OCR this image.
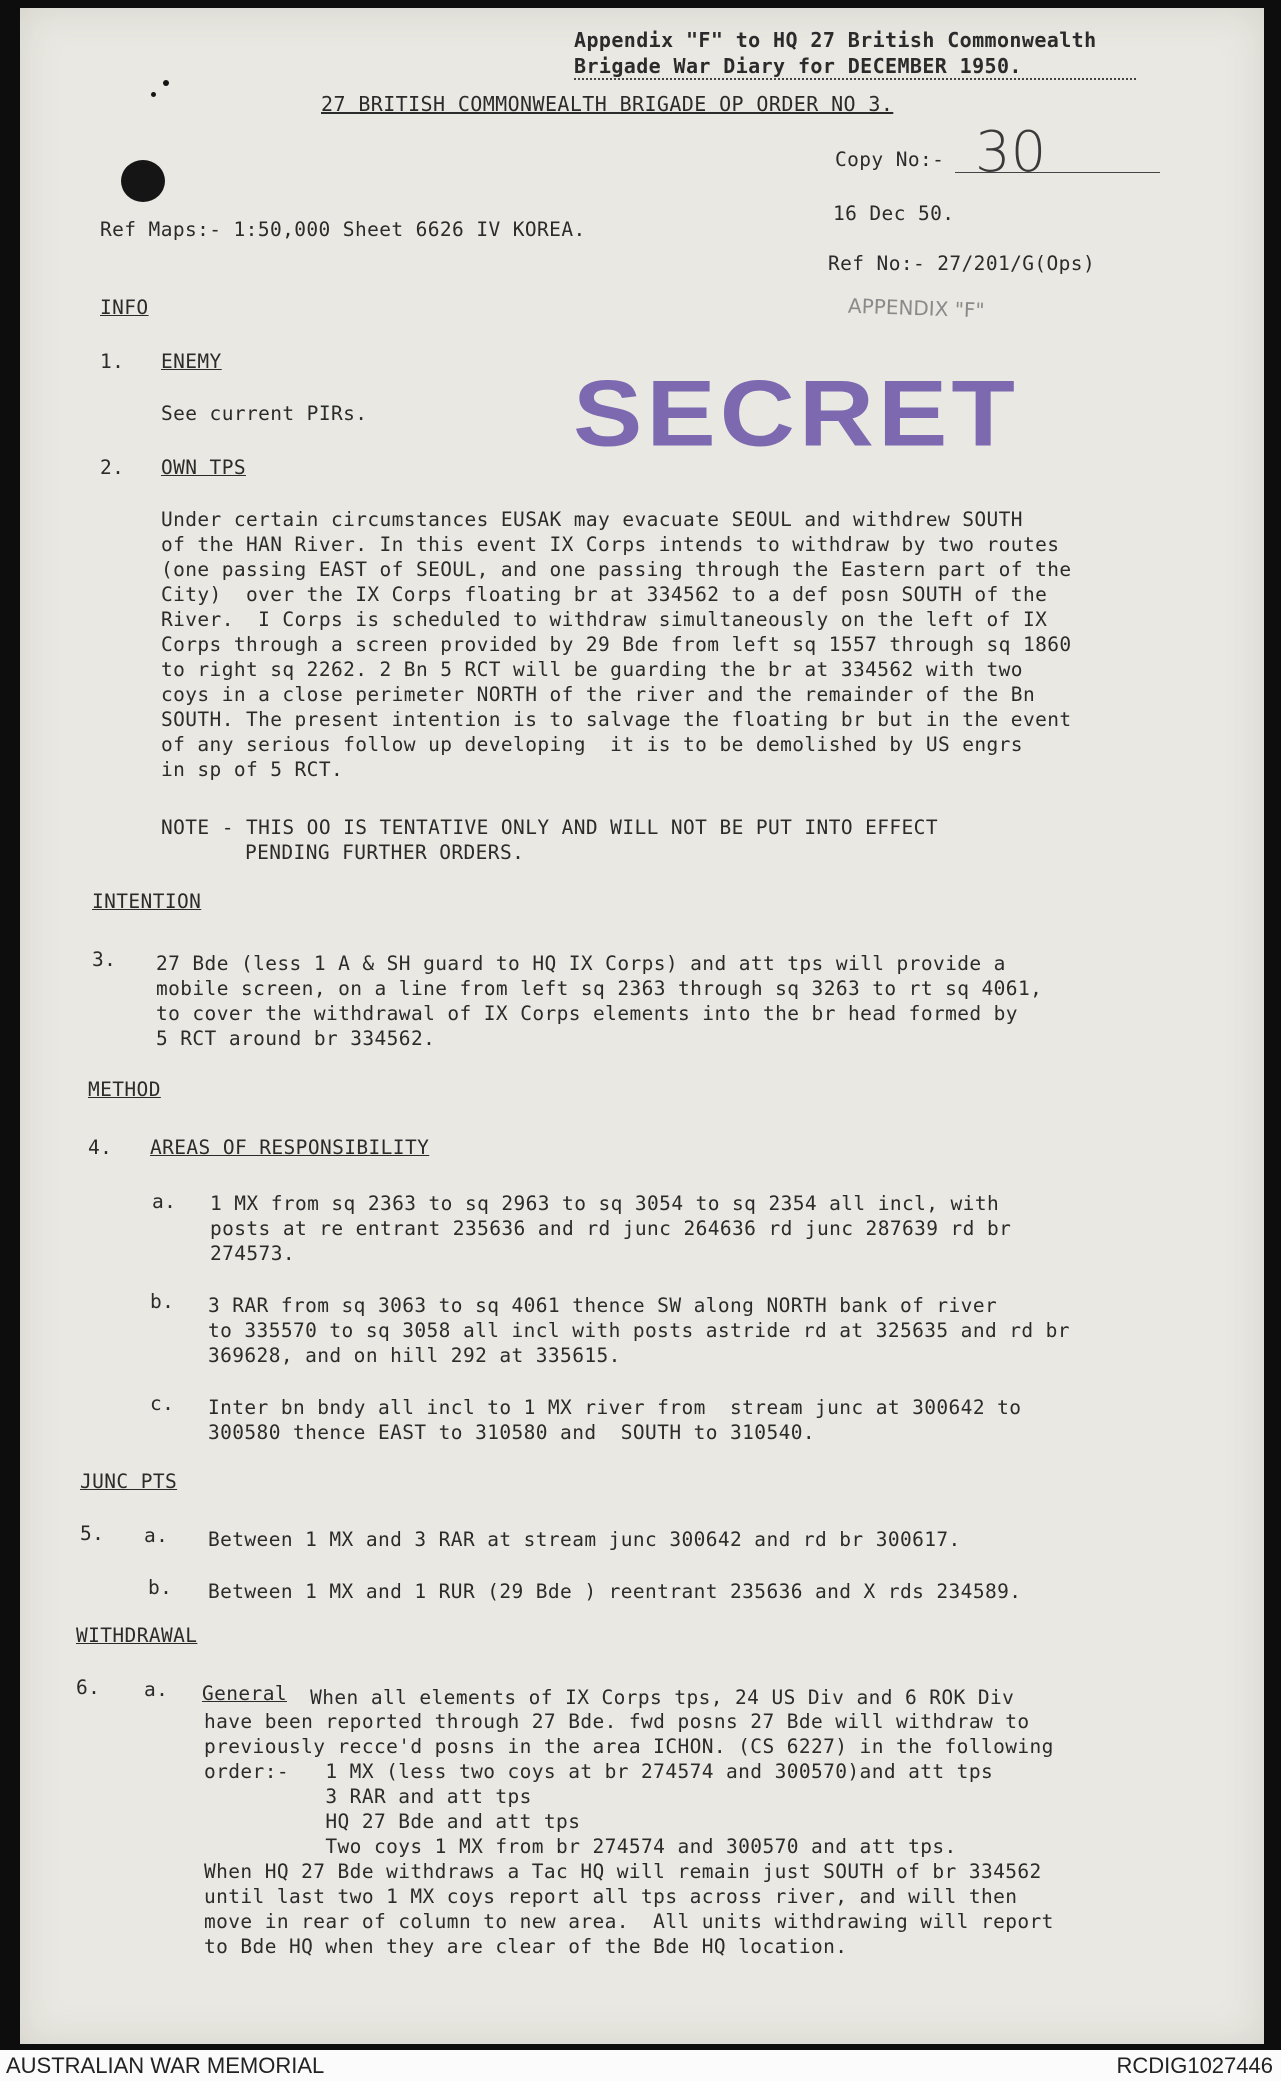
Appendix "F" to HQ 27 British Commonwealth
Brigade War Diary for DECEMBER 1950.
27 BRITISH COMMONWEALTH BRIGADE OP ORDER NO 3.
Copy No:- 30
16 Dec 50.
Ref Maps:- 1:50,000 Sheet 6626 IV KOREA.
Ref No:- 27/201/G(Ops)
APPENDIX "F"
SECRET
INFO
1. ENEMY
See current PIRs.
2. OWN TPS
Under certain circumstances EUSAK may evacuate SEOUL and withdrew SOUTH
of the HAN River. In this event IX Corps intends to withdraw by two routes
(one passing EAST of SEOUL, and one passing through the Eastern part of the
City)  over the IX Corps floating br at 334562 to a def posn SOUTH of the
River.  I Corps is scheduled to withdraw simultaneously on the left of IX
Corps through a screen provided by 29 Bde from left sq 1557 through sq 1860
to right sq 2262. 2 Bn 5 RCT will be guarding the br at 334562 with two
coys in a close perimeter NORTH of the river and the remainder of the Bn
SOUTH. The present intention is to salvage the floating br but in the event
of any serious follow up developing  it is to be demolished by US engrs
in sp of 5 RCT.
NOTE - THIS OO IS TENTATIVE ONLY AND WILL NOT BE PUT INTO EFFECT
PENDING FURTHER ORDERS.
INTENTION
3. 27 Bde (less 1 A & SH guard to HQ IX Corps) and att tps will provide a
mobile screen, on a line from left sq 2363 through sq 3263 to rt sq 4061,
to cover the withdrawal of IX Corps elements into the br head formed by
5 RCT around br 334562.
METHOD
4. AREAS OF RESPONSIBILITY
a. 1 MX from sq 2363 to sq 2963 to sq 3054 to sq 2354 all incl, with
posts at re entrant 235636 and rd junc 264636 rd junc 287639 rd br
274573.
b. 3 RAR from sq 3063 to sq 4061 thence SW along NORTH bank of river
to 335570 to sq 3058 all incl with posts astride rd at 325635 and rd br
369628, and on hill 292 at 335615.
c. Inter bn bndy all incl to 1 MX river from  stream junc at 300642 to
300580 thence EAST to 310580 and  SOUTH to 310540.
JUNC PTS
5. a. Between 1 MX and 3 RAR at stream junc 300642 and rd br 300617.
b. Between 1 MX and 1 RUR (29 Bde ) reentrant 235636 and X rds 234589.
WITHDRAWAL
6. a. General When all elements of IX Corps tps, 24 US Div and 6 ROK Div
have been reported through 27 Bde. fwd posns 27 Bde will withdraw to
previously recce'd posns in the area ICHON. (CS 6227) in the following
order:-   1 MX (less two coys at br 274574 and 300570)and att tps
3 RAR and att tps
HQ 27 Bde and att tps
Two coys 1 MX from br 274574 and 300570 and att tps.
When HQ 27 Bde withdraws a Tac HQ will remain just SOUTH of br 334562
until last two 1 MX coys report all tps across river, and will then
move in rear of column to new area.  All units withdrawing will report
to Bde HQ when they are clear of the Bde HQ location.
AUSTRALIAN WAR MEMORIAL	RCDIG1027446
